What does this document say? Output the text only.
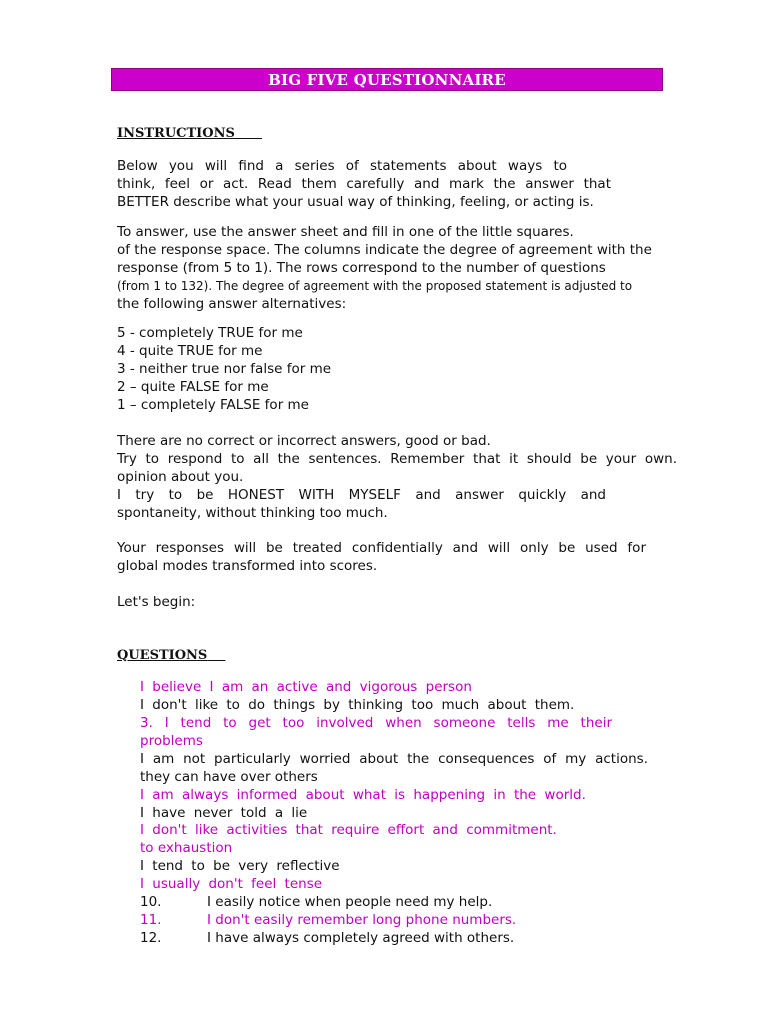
BIG FIVE QUESTIONNAIRE
INSTRUCTIONS
Below you will find a series of statements about ways to
think, feel or act. Read them carefully and mark the answer that
BETTER describe what your usual way of thinking, feeling, or acting is.
To answer, use the answer sheet and fill in one of the little squares.
of the response space. The columns indicate the degree of agreement with the
response (from 5 to 1). The rows correspond to the number of questions
(from 1 to 132). The degree of agreement with the proposed statement is adjusted to
the following answer alternatives:
5 - completely TRUE for me
4 - quite TRUE for me
3 - neither true nor false for me
2 – quite FALSE for me
1 – completely FALSE for me
There are no correct or incorrect answers, good or bad.
Try to respond to all the sentences. Remember that it should be your own.
opinion about you.
I try to be HONEST WITH MYSELF and answer quickly and
spontaneity, without thinking too much.
Your responses will be treated confidentially and will only be used for
global modes transformed into scores.
Let's begin:
QUESTIONS
I believe I am an active and vigorous person
I don't like to do things by thinking too much about them.
3. I tend to get too involved when someone tells me their
problems
I am not particularly worried about the consequences of my actions.
they can have over others
I am always informed about what is happening in the world.
I have never told a lie
I don't like activities that require effort and commitment.
to exhaustion
I tend to be very reflective
I usually don't feel tense
10.	I easily notice when people need my help.
11.	I don't easily remember long phone numbers.
12.	I have always completely agreed with others.
